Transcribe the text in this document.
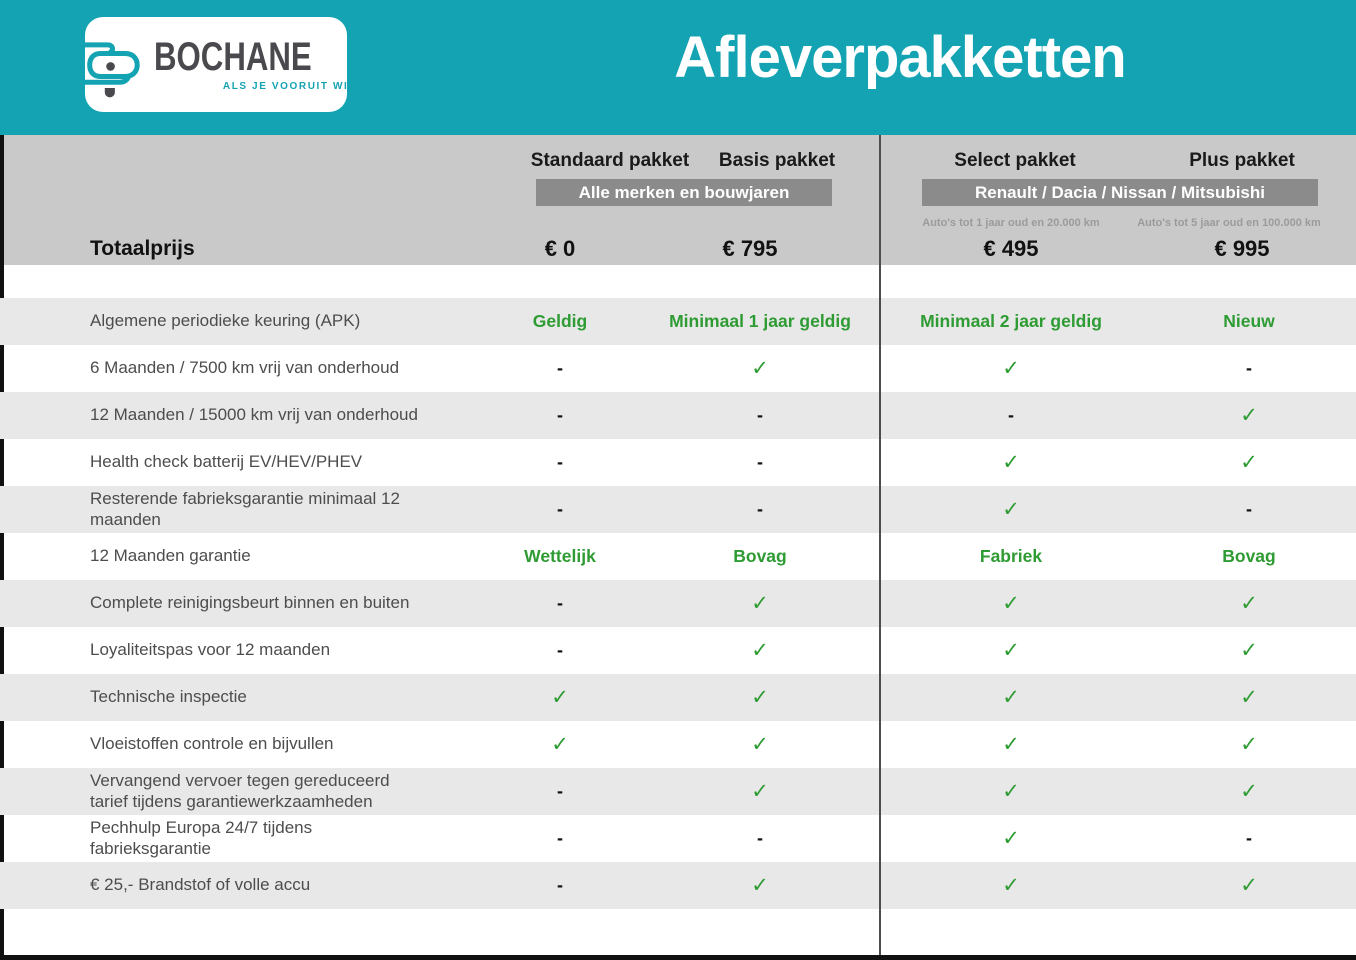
BOCHANE
ALS JE VOORUIT WIL	Afleverpakketten
Standaard pakket	Basis pakket	Select pakket	Plus pakket
Alle merken en bouwjaren	Renault / Dacia / Nissan / Mitsubishi
Auto's tot 1 jaar oud en 20.000 km	Auto's tot 5 jaar oud en 100.000 km
Totaalprijs	€ 0	€ 795	€ 495	€ 995
Algemene periodieke keuring (APK)	Geldig	Minimaal 1 jaar geldig	Minimaal 2 jaar geldig	Nieuw
6 Maanden / 7500 km vrij van onderhoud	-	✓	✓	-
12 Maanden / 15000 km vrij van onderhoud	-	-	-	✓
Health check batterij EV/HEV/PHEV	-	-	✓	✓
Resterende fabrieksgarantie minimaal 12 maanden	-	-	✓	-
12 Maanden garantie	Wettelijk	Bovag	Fabriek	Bovag
Complete reinigingsbeurt binnen en buiten	-	✓	✓	✓
Loyaliteitspas voor 12 maanden	-	✓	✓	✓
Technische inspectie	✓	✓	✓	✓
Vloeistoffen controle en bijvullen	✓	✓	✓	✓
Vervangend vervoer tegen gereduceerd tarief tijdens garantiewerkzaamheden	-	✓	✓	✓
Pechhulp Europa 24/7 tijdens fabrieksgarantie	-	-	✓	-
€ 25,- Brandstof of volle accu	-	✓	✓	✓
